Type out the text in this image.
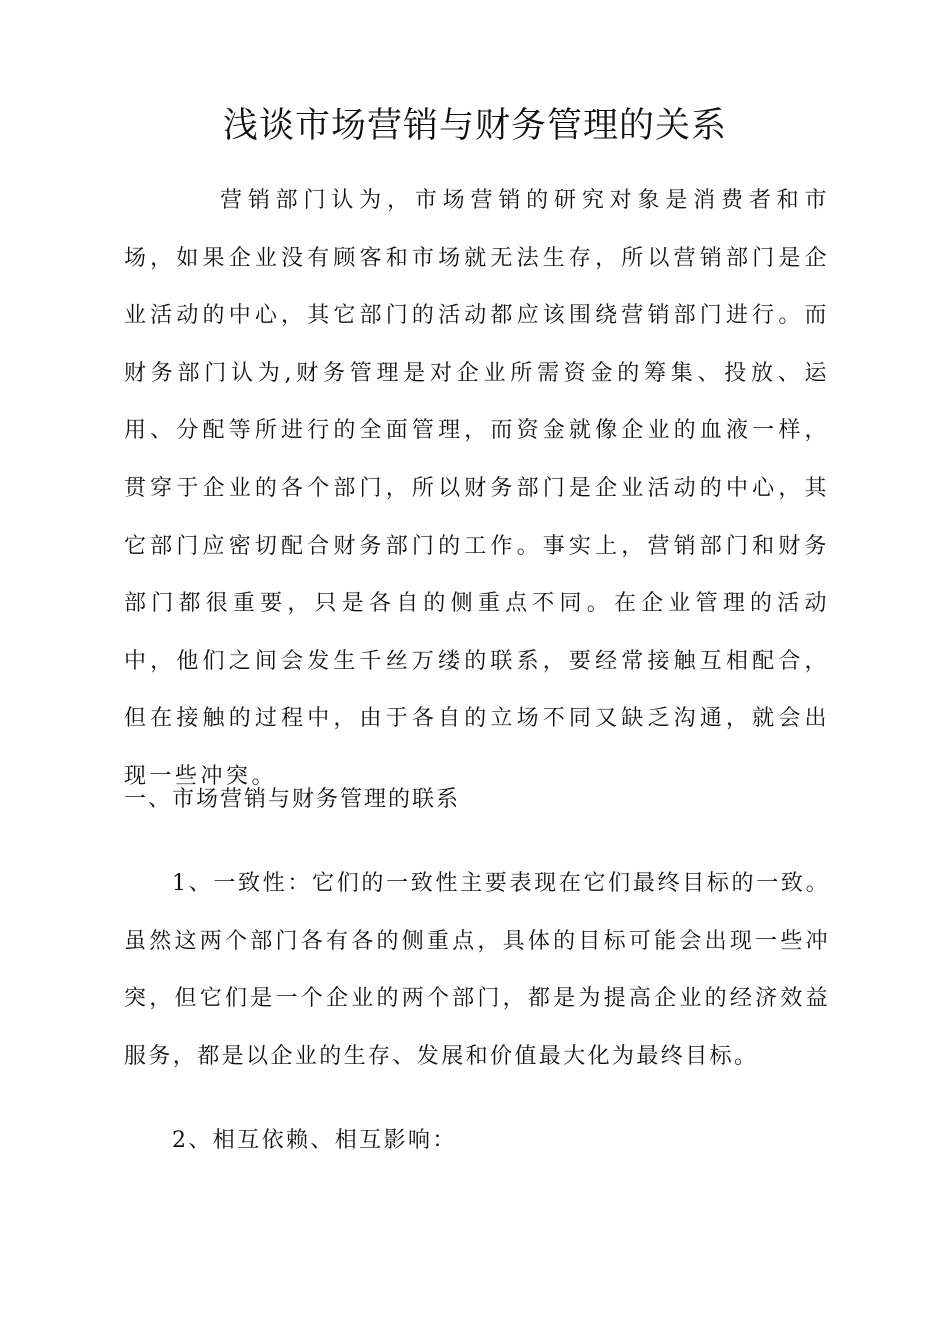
浅谈市场营销与财务管理的关系

营销部门认为，市场营销的研究对象是消费者和市场，如果企业没有顾客和市场就无法生存，所以营销部门是企业活动的中心，其它部门的活动都应该围绕营销部门进行。而财务部门认为,财务管理是对企业所需资金的筹集、投放、运用、分配等所进行的全面管理，而资金就像企业的血液一样，贯穿于企业的各个部门，所以财务部门是企业活动的中心，其它部门应密切配合财务部门的工作。事实上，营销部门和财务部门都很重要，只是各自的侧重点不同。在企业管理的活动中，他们之间会发生千丝万缕的联系，要经常接触互相配合，但在接触的过程中，由于各自的立场不同又缺乏沟通，就会出现一些冲突。

一、市场营销与财务管理的联系

1、一致性：它们的一致性主要表现在它们最终目标的一致。虽然这两个部门各有各的侧重点，具体的目标可能会出现一些冲突，但它们是一个企业的两个部门，都是为提高企业的经济效益服务，都是以企业的生存、发展和价值最大化为最终目标。

2、相互依赖、相互影响：
